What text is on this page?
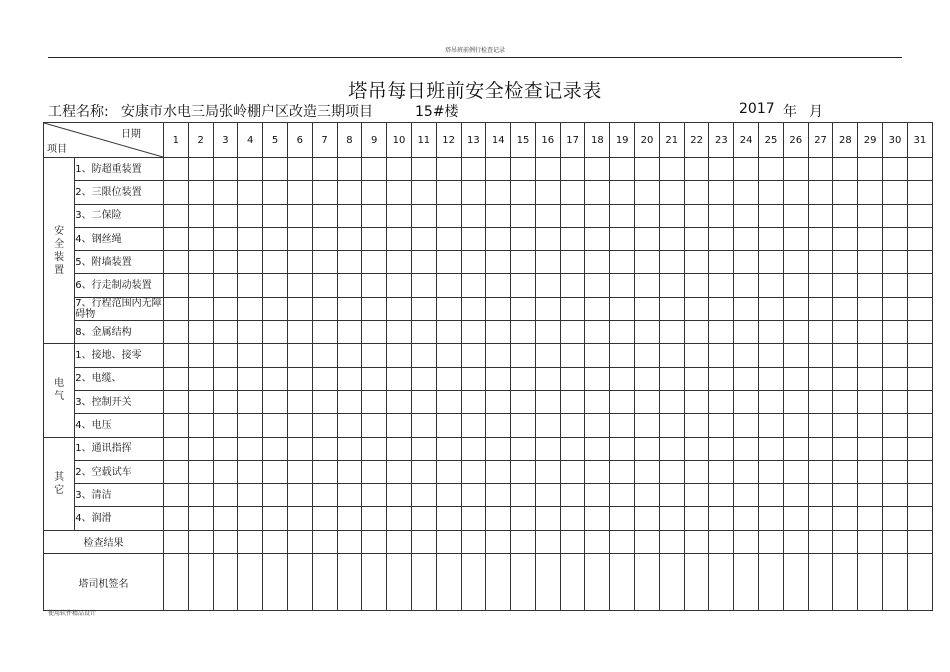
塔吊班前例行检查记录
塔吊每日班前安全检查记录表
工程名称: 安康市水电三局张岭棚户区改造三期项目	15#楼	2017 年 月
日期
项目		1	2	3	4	5	6	7	8	9	10	11	12	13	14	15	16	17	18	19	20	21	22	23	24	25	26	27	28	29	30	31
安全装置	1、防超重装置																															
	2、三限位装置																															
	3、二保险																															
	4、钢丝绳																															
	5、附墙装置																															
	6、行走制动装置																															
	7、行程范围内无障碍物																															
	8、金属结构																															
电气	1、接地、接零																															
	2、电缆、																															
	3、控制开关																															
	4、电压																															
其它	1、通讯指挥																															
	2、空载试车																															
	3、清洁																															
	4、润滑																															
检查结果																																
塔司机签名																																
使用软件精品设计
